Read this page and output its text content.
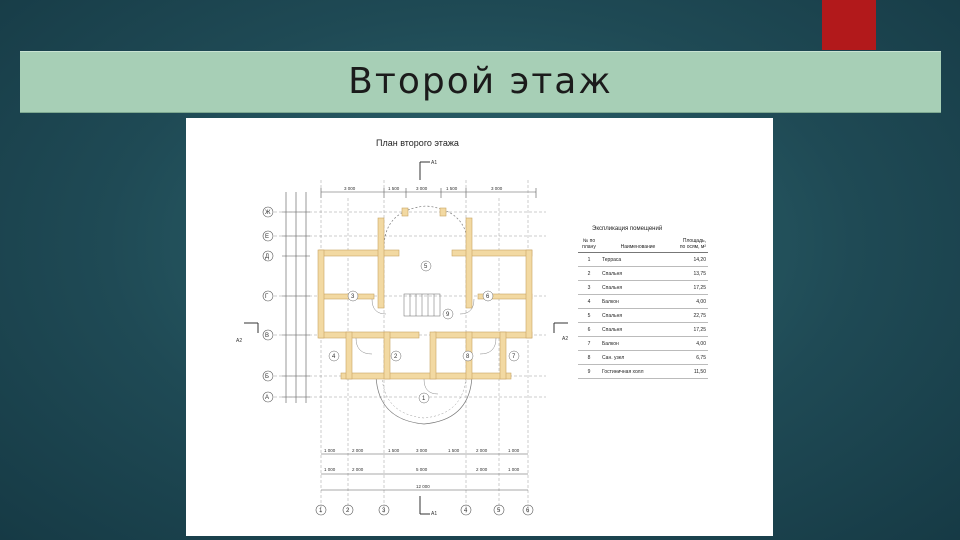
Второй этаж
План второго этажа
А1
3 000	1 500	3 000	1 500	3 000
Ж
Е
Д
Г
В
Б
А
5
3	6
9
4	2	8	7
1
А2	А2
1 000	2 000	1 500	3 000	1 500	2 000	1 000
1 000	2 000	5 000	2 000	1 000
12 000
1	2	3	4	5	6
А1
Экспликация помещений
№ по плану	Наименование	Площадь, по осям, м²
1	Терраса	14,20
2	Спальня	13,75
3	Спальня	17,25
4	Балкон	4,00
5	Спальня	22,75
6	Спальня	17,25
7	Балкон	4,00
8	Сан. узел	6,75
9	Гостиничная холл	11,50
